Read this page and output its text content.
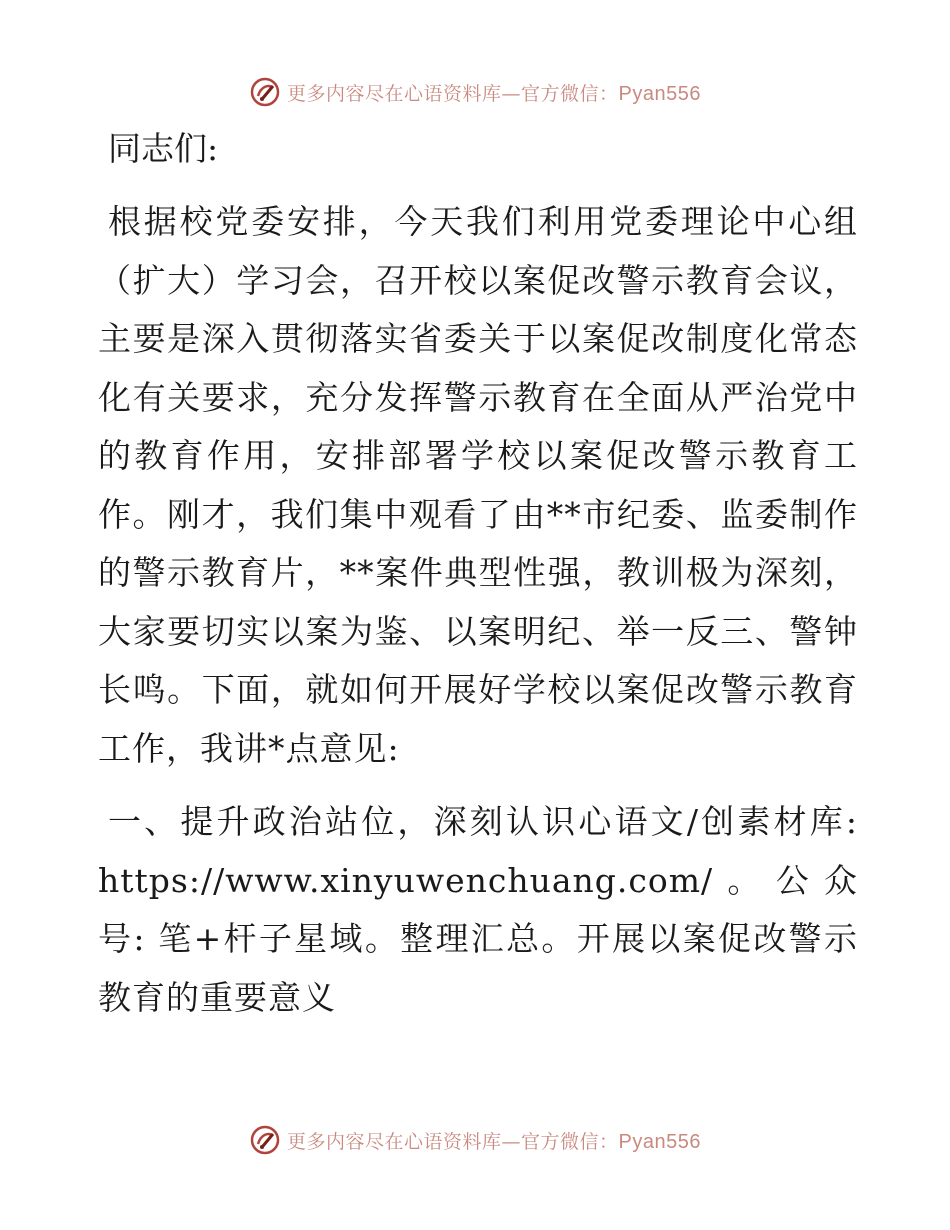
更多内容尽在心语资料库—官方微信：Pyan556

同志们:

根据校党委安排，今天我们利用党委理论中心组（扩大）学习会，召开校以案促改警示教育会议，主要是深入贯彻落实省委关于以案促改制度化常态化有关要求，充分发挥警示教育在全面从严治党中的教育作用，安排部署学校以案促改警示教育工作。刚才，我们集中观看了由**市纪委、监委制作的警示教育片，**案件典型性强，教训极为深刻，大家要切实以案为鉴、以案明纪、举一反三、警钟长鸣。下面，就如何开展好学校以案促改警示教育工作，我讲*点意见:

一、提升政治站位，深刻认识心语文/创素材库: https://www.xinyuwenchuang.com/。公众号: 笔+杆子星域。整理汇总。开展以案促改警示教育的重要意义

更多内容尽在心语资料库—官方微信：Pyan556
